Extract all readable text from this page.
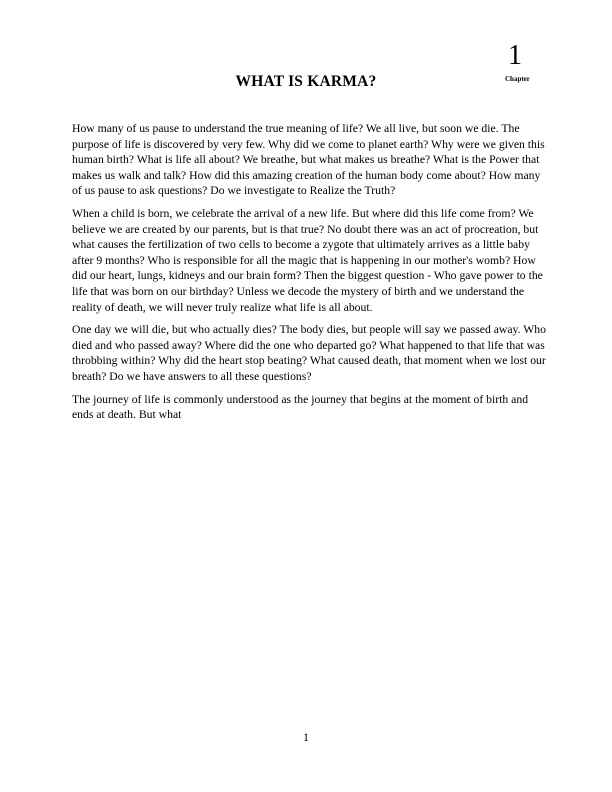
1
Chapter
WHAT IS KARMA?

How many of us pause to understand the true meaning of life? We all live, but soon we die. The purpose of life is discovered by very few. Why did we come to planet earth? Why were we given this human birth? What is life all about? We breathe, but what makes us breathe? What is the Power that makes us walk and talk? How did this amazing creation of the human body come about? How many of us pause to ask questions? Do we investigate to Realize the Truth?

When a child is born, we celebrate the arrival of a new life. But where did this life come from? We believe we are created by our parents, but is that true? No doubt there was an act of procreation, but what causes the fertilization of two cells to become a zygote that ultimately arrives as a little baby after 9 months? Who is responsible for all the magic that is happening in our mother's womb? How did our heart, lungs, kidneys and our brain form? Then the biggest question - Who gave power to the life that was born on our birthday? Unless we decode the mystery of birth and we understand the reality of death, we will never truly realize what life is all about.

One day we will die, but who actually dies? The body dies, but people will say we passed away. Who died and who passed away? Where did the one who departed go? What happened to that life that was throbbing within? Why did the heart stop beating? What caused death, that moment when we lost our breath? Do we have answers to all these questions?

The journey of life is commonly understood as the journey that begins at the moment of birth and ends at death. But what

1
